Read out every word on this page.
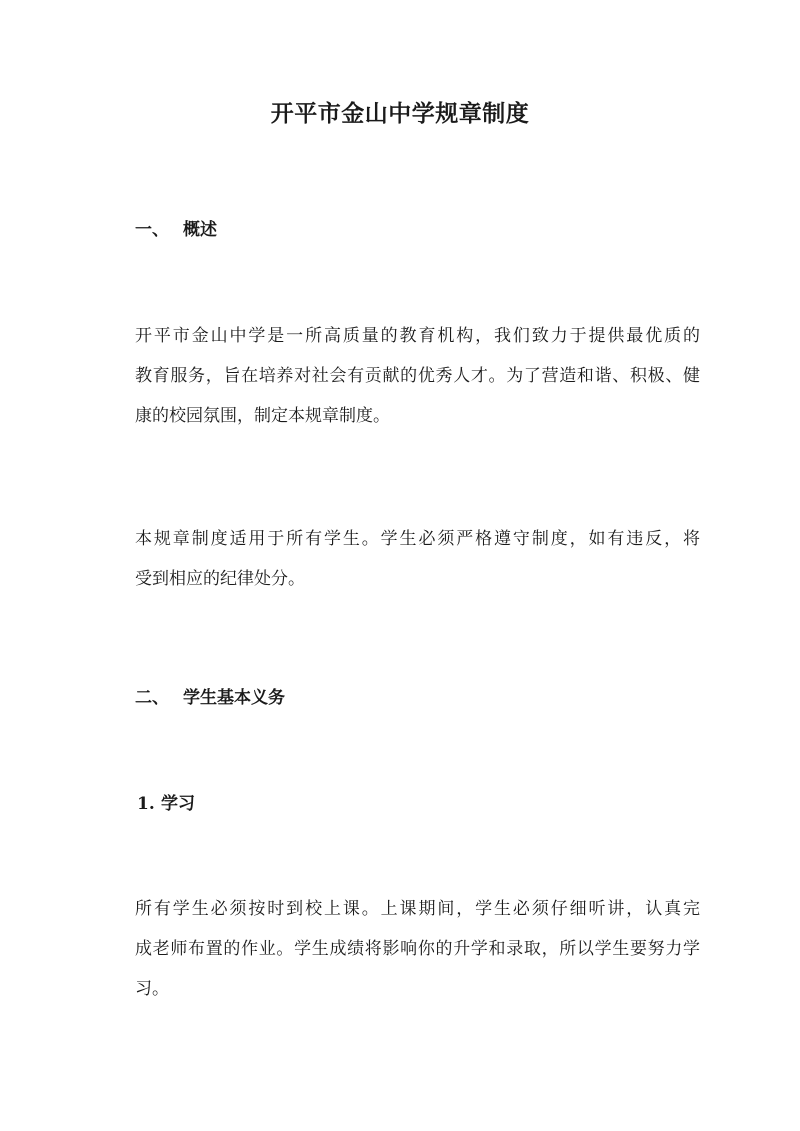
开平市金山中学规章制度
一、 概述

开平市金山中学是一所高质量的教育机构，我们致力于提供最优质的
教育服务，旨在培养对社会有贡献的优秀人才。为了营造和谐、积极、健
康的校园氛围，制定本规章制度。

本规章制度适用于所有学生。学生必须严格遵守制度，如有违反，将
受到相应的纪律处分。

二、 学生基本义务
1. 学习

所有学生必须按时到校上课。上课期间，学生必须仔细听讲，认真完
成老师布置的作业。学生成绩将影响你的升学和录取，所以学生要努力学
习。
